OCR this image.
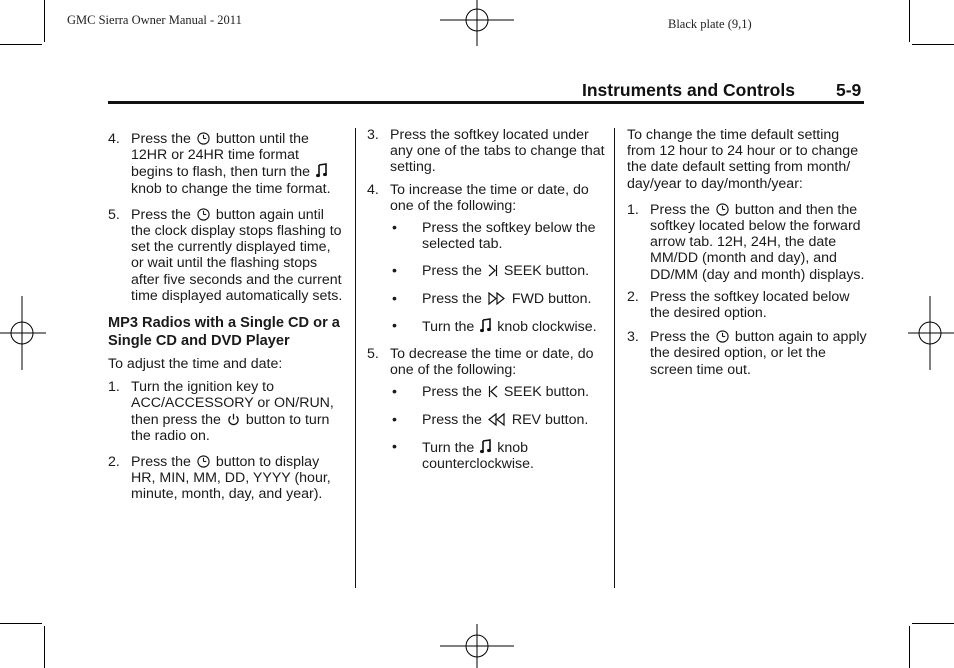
GMC Sierra Owner Manual - 2011	Black plate (9,1)
Instruments and Controls 5-9
4. Press the button until the 12HR or 24HR time format begins to flash, then turn the
knob to change the time format.
5. Press the button again until the clock display stops flashing to set the currently displayed time, or wait until the flashing stops after five seconds and the current time displayed automatically sets.
MP3 Radios with a Single CD or a Single CD and DVD Player
To adjust the time and date:
1. Turn the ignition key to ACC/ACCESSORY or ON/RUN, then press the button to turn the radio on.
2. Press the button to display HR, MIN, MM, DD, YYYY (hour, minute, month, day, and year).
3. Press the softkey located under any one of the tabs to change that setting.
4. To increase the time or date, do one of the following:
• Press the softkey below the selected tab.
• Press the SEEK button.
• Press the FWD button.
• Turn the knob clockwise.
5. To decrease the time or date, do one of the following:
• Press the SEEK button.
• Press the REV button.
• Turn the knob counterclockwise.
To change the time default setting from 12 hour to 24 hour or to change the date default setting from month/ day/year to day/month/year:
1. Press the button and then the softkey located below the forward arrow tab. 12H, 24H, the date MM/DD (month and day), and DD/MM (day and month) displays.
2. Press the softkey located below the desired option.
3. Press the button again to apply the desired option, or let the screen time out.
